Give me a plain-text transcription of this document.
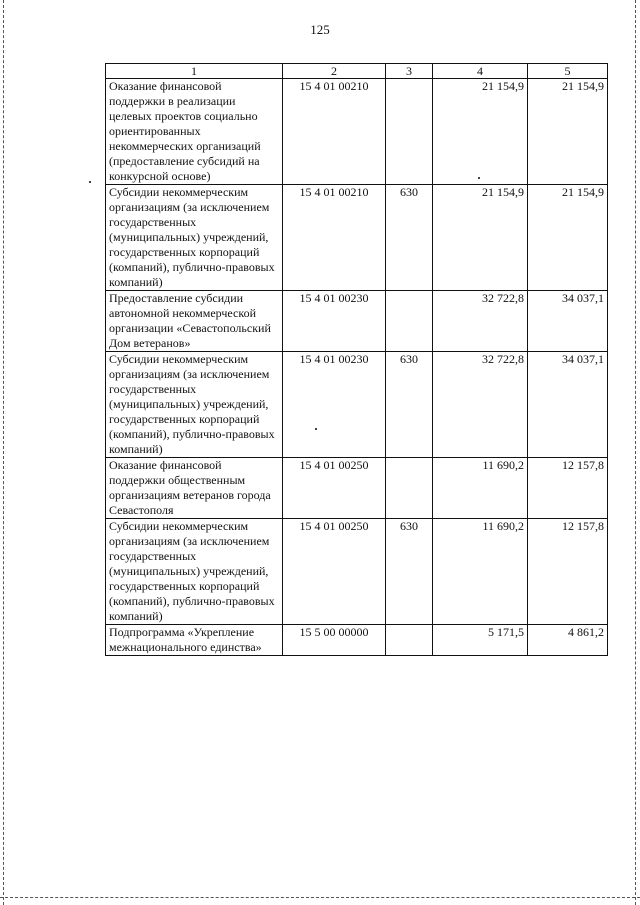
125
1	2	3	4	5
Оказание финансовой поддержки в реализации целевых проектов социально ориентированных некоммерческих организаций (предоставление субсидий на конкурсной основе)	15 4 01 00210		21 154,9	21 154,9
Субсидии некоммерческим организациям (за исключением государственных (муниципальных) учреждений, государственных корпораций (компаний), публично-правовых компаний)	15 4 01 00210	630	21 154,9	21 154,9
Предоставление субсидии автономной некоммерческой организации «Севастопольский Дом ветеранов»	15 4 01 00230		32 722,8	34 037,1
Субсидии некоммерческим организациям (за исключением государственных (муниципальных) учреждений, государственных корпораций (компаний), публично-правовых компаний)	15 4 01 00230	630	32 722,8	34 037,1
Оказание финансовой поддержки общественным организациям ветеранов города Севастополя	15 4 01 00250		11 690,2	12 157,8
Субсидии некоммерческим организациям (за исключением государственных (муниципальных) учреждений, государственных корпораций (компаний), публично-правовых компаний)	15 4 01 00250	630	11 690,2	12 157,8
Подпрограмма «Укрепление межнационального единства»	15 5 00 00000		5 171,5	4 861,2
